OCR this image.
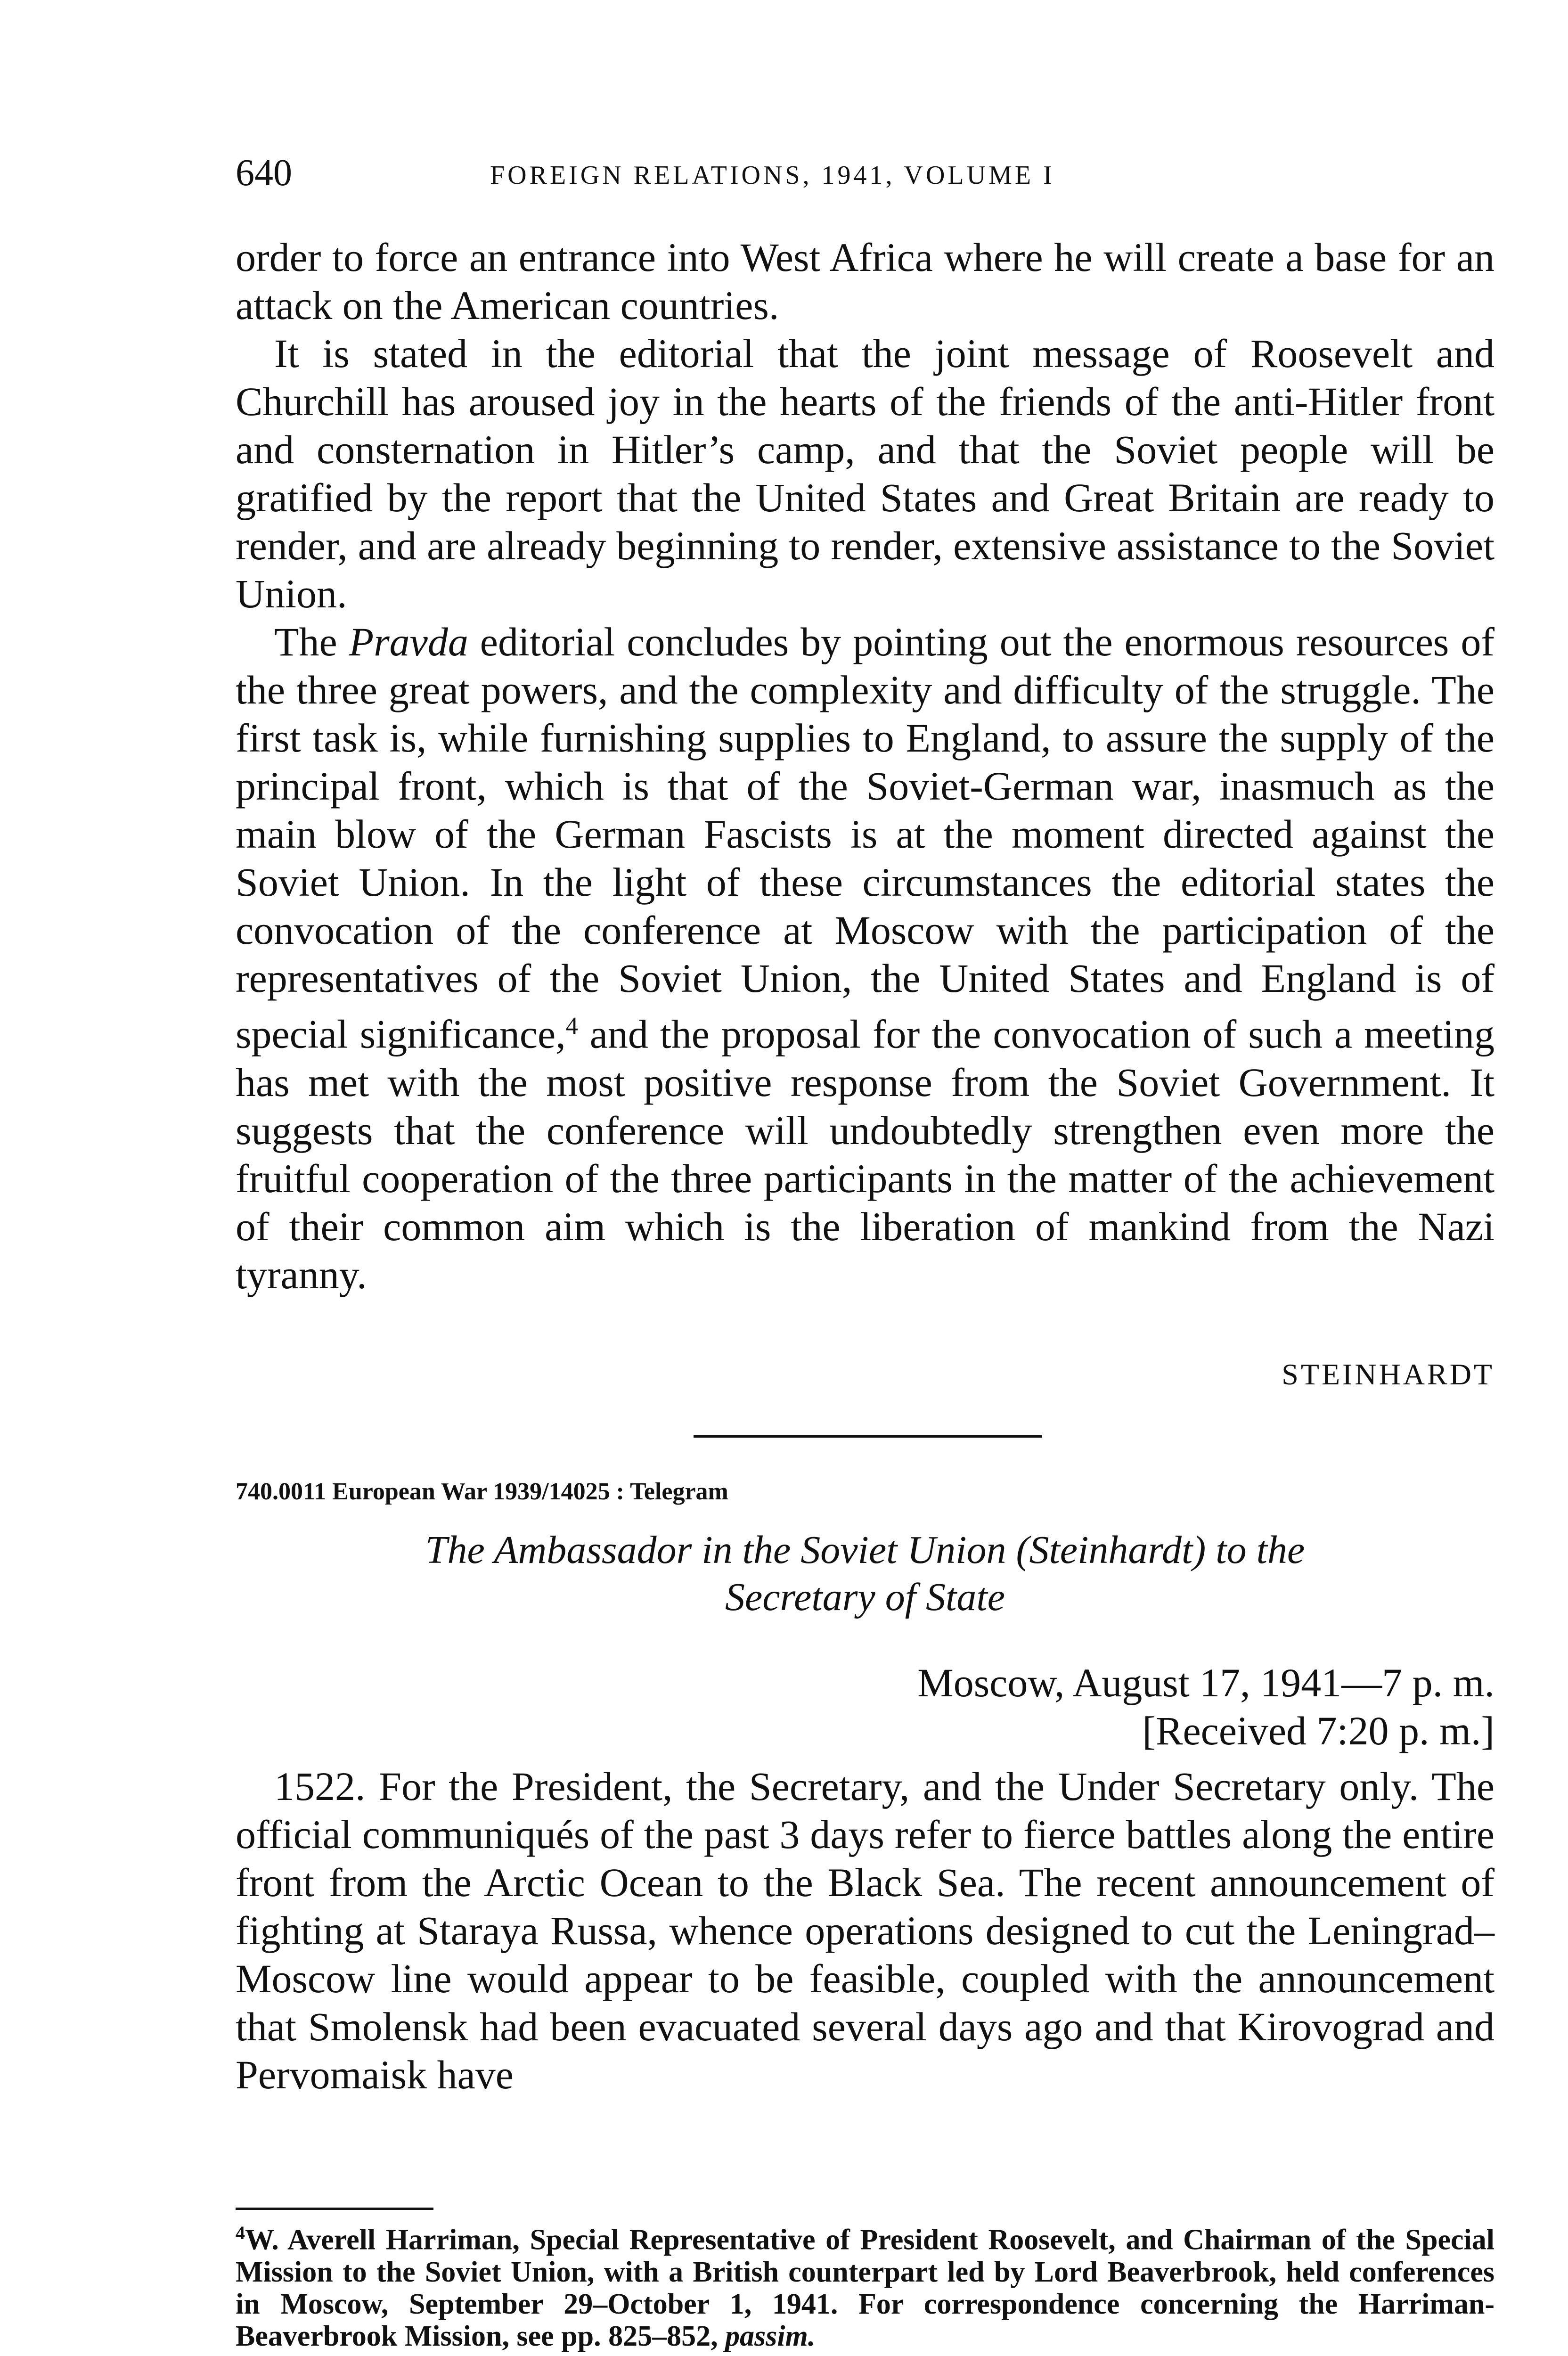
640	FOREIGN RELATIONS, 1941, VOLUME I

order to force an entrance into West Africa where he will create a base for an attack on the American countries.

It is stated in the editorial that the joint message of Roosevelt and Churchill has aroused joy in the hearts of the friends of the anti-Hitler front and consternation in Hitler’s camp, and that the Soviet people will be gratified by the report that the United States and Great Britain are ready to render, and are already beginning to render, extensive assistance to the Soviet Union.

The Pravda editorial concludes by pointing out the enormous resources of the three great powers, and the complexity and difficulty of the struggle. The first task is, while furnishing supplies to England, to assure the supply of the principal front, which is that of the Soviet-German war, inasmuch as the main blow of the German Fascists is at the moment directed against the Soviet Union. In the light of these circumstances the editorial states the convocation of the conference at Moscow with the participation of the representatives of the Soviet Union, the United States and England is of special significance,$^4$ and the proposal for the convocation of such a meeting has met with the most positive response from the Soviet Government. It suggests that the conference will undoubtedly strengthen even more the fruitful cooperation of the three participants in the matter of the achievement of their common aim which is the liberation of mankind from the Nazi tyranny.

STEINHARDT
740.0011 European War 1939/14025 : Telegram
The Ambassador in the Soviet Union (Steinhardt) to the
Secretary of State
Moscow, August 17, 1941—7 p. m.
[Received 7:20 p. m.]

1522. For the President, the Secretary, and the Under Secretary only. The official communiqués of the past 3 days refer to fierce battles along the entire front from the Arctic Ocean to the Black Sea. The recent announcement of fighting at Staraya Russa, whence operations designed to cut the Leningrad–Moscow line would appear to be feasible, coupled with the announcement that Smolensk had been evacuated several days ago and that Kirovograd and Pervomaisk have

$^4$W. Averell Harriman, Special Representative of President Roosevelt, and Chairman of the Special Mission to the Soviet Union, with a British counterpart led by Lord Beaverbrook, held conferences in Moscow, September 29–October 1, 1941. For correspondence concerning the Harriman-Beaverbrook Mission, see pp. 825–852, passim.
